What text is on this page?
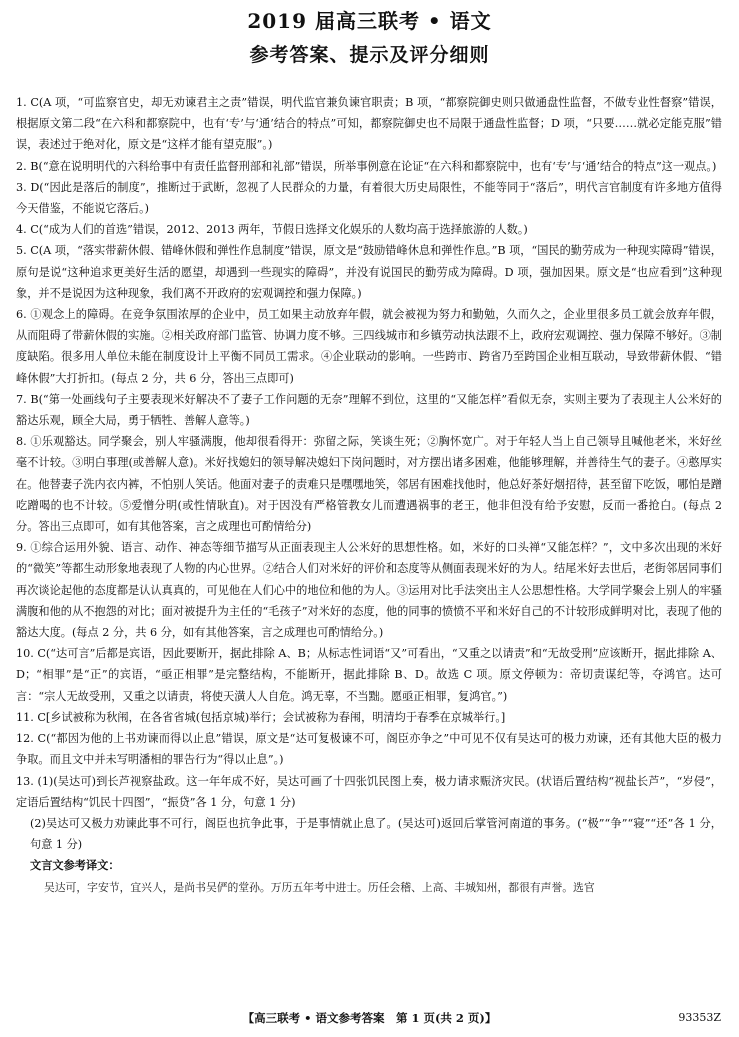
2019 届高三联考 • 语文
参考答案、提示及评分细则

1. C(A 项，“可监察官史，却无劝谏君主之责”错误，明代监官兼负谏官职责；B 项，“都察院御史则只做通盘性监督，不做专业性督察”错误，根据原文第二段“在六科和都察院中，也有‘专’与‘通’结合的特点”可知，都察院御史也不局限于通盘性监督；D 项，“只要……就必定能克服”错误，表述过于绝对化，原文是“这样才能有望克服”。)

2. B(“意在说明明代的六科给事中有责任监督刑部和礼部”错误，所举事例意在论证“在六科和都察院中，也有‘专’与‘通’结合的特点”这一观点。)

3. D(“因此是落后的制度”，推断过于武断，忽视了人民群众的力量，有着很大历史局限性，不能等同于“落后”，明代言官制度有许多地方值得今天借鉴，不能说它落后。)

4. C(“成为人们的首选”错误，2012、2013 两年，节假日选择文化娱乐的人数均高于选择旅游的人数。)

5. C(A 项，“落实带薪休假、错峰休假和弹性作息制度”错误，原文是“鼓励错峰休息和弹性作息。”B 项，“国民的勤劳成为一种现实障碍”错误，原句是说“这种追求更美好生活的愿望，却遇到一些现实的障碍”，并没有说国民的勤劳成为障碍。D 项，强加因果。原文是“也应看到”这种现象，并不是说因为这种现象，我们离不开政府的宏观调控和强力保障。)

6. ①观念上的障碍。在竞争氛围浓厚的企业中，员工如果主动放弃年假，就会被视为努力和勤勉，久而久之，企业里很多员工就会放弃年假，从而阻碍了带薪休假的实施。②相关政府部门监管、协调力度不够。三四线城市和乡镇劳动执法跟不上，政府宏观调控、强力保障不够好。③制度缺陷。很多用人单位未能在制度设计上平衡不同员工需求。④企业联动的影响。一些跨市、跨省乃至跨国企业相互联动，导致带薪休假、“错峰休假”大打折扣。(每点 2 分，共 6 分，答出三点即可)

7. B(“第一处画线句子主要表现米好解决不了妻子工作问题的无奈”理解不到位，这里的“又能怎样”看似无奈，实则主要为了表现主人公米好的豁达乐观，顾全大局，勇于牺牲、善解人意等。)

8. ①乐观豁达。同学聚会，别人牢骚满腹，他却很看得开：弥留之际，笑谈生死；②胸怀宽广。对于年轻人当上自己领导且喊他老米，米好丝毫不计较。③明白事理(或善解人意)。米好找媳妇的领导解决媳妇下岗问题时，对方摆出诸多困难，他能够理解，并善待生气的妻子。④憨厚实在。他替妻子洗内衣内裤，不怕别人笑话。他面对妻子的责难只是嘿嘿地笑，邻居有困难找他时，他总好茶好烟招待，甚至留下吃饭，哪怕是蹭吃蹭喝的也不计较。⑤爱憎分明(或性情耿直)。对于因没有严格管教女儿而遭遇祸事的老王，他非但没有给予安慰，反而一番抢白。(每点 2 分。答出三点即可，如有其他答案，言之成理也可酌情给分)

9. ①综合运用外貌、语言、动作、神态等细节描写从正面表现主人公米好的思想性格。如，米好的口头禅“又能怎样？”，文中多次出现的米好的“微笑”等都生动形象地表现了人物的内心世界。②结合人们对米好的评价和态度等从侧面表现米好的为人。结尾米好去世后，老街邻居同事们再次谈论起他的态度都是认认真真的，可见他在人们心中的地位和他的为人。③运用对比手法突出主人公思想性格。大学同学聚会上别人的牢骚满腹和他的从不抱怨的对比；面对被提升为主任的“毛孩子”对米好的态度，他的同事的愤愤不平和米好自己的不计较形成鲜明对比，表现了他的豁达大度。(每点 2 分，共 6 分，如有其他答案，言之成理也可酌情给分。)

10. C(“达可言”后都是宾语，因此要断开，据此排除 A、B；从标志性词语“又”可看出，“又重之以请责”和“无故受刑”应该断开，据此排除 A、D；“相罪”是“正”的宾语，“亟正相罪”是完整结构，不能断开，据此排除 B、D。故选 C 项。原文停顿为：帝切责谋纪等，夺鸿官。达可言：“宗人无故受刑，又重之以请责，将使天潢人人自危。鸿无辜，不当黜。愿亟正相罪，复鸿官。”)

11. C[乡试被称为秋闱，在各省省城(包括京城)举行；会试被称为春闱，明清均于春季在京城举行。]

12. C(“都因为他的上书劝谏而得以止息”错误，原文是“达可复极谏不可，阁臣亦争之”中可见不仅有吴达可的极力劝谏，还有其他大臣的极力争取。而且文中并未写明潘相的罪告行为“得以止息”。)

13. (1)(吴达可)到长芦视察盐政。这一年年成不好，吴达可画了十四张饥民图上奏，极力请求赈济灾民。(状语后置结构“视盐长芦”，“岁侵”，定语后置结构“饥民十四图”，“振贷”各 1 分，句意 1 分)

(2)吴达可又极力劝谏此事不可行，阁臣也抗争此事，于是事情就止息了。(吴达可)返回后掌管河南道的事务。(“极”“争”“寝”“还”各 1 分，句意 1 分)

文言文参考译文：
吴达可，字安节，宜兴人，是尚书吴俨的堂孙。万历五年考中进士。历任会稽、上高、丰城知州，都很有声誉。选官
【高三联考 • 语文参考答案　第 1 页(共 2 页)】	93353Z
